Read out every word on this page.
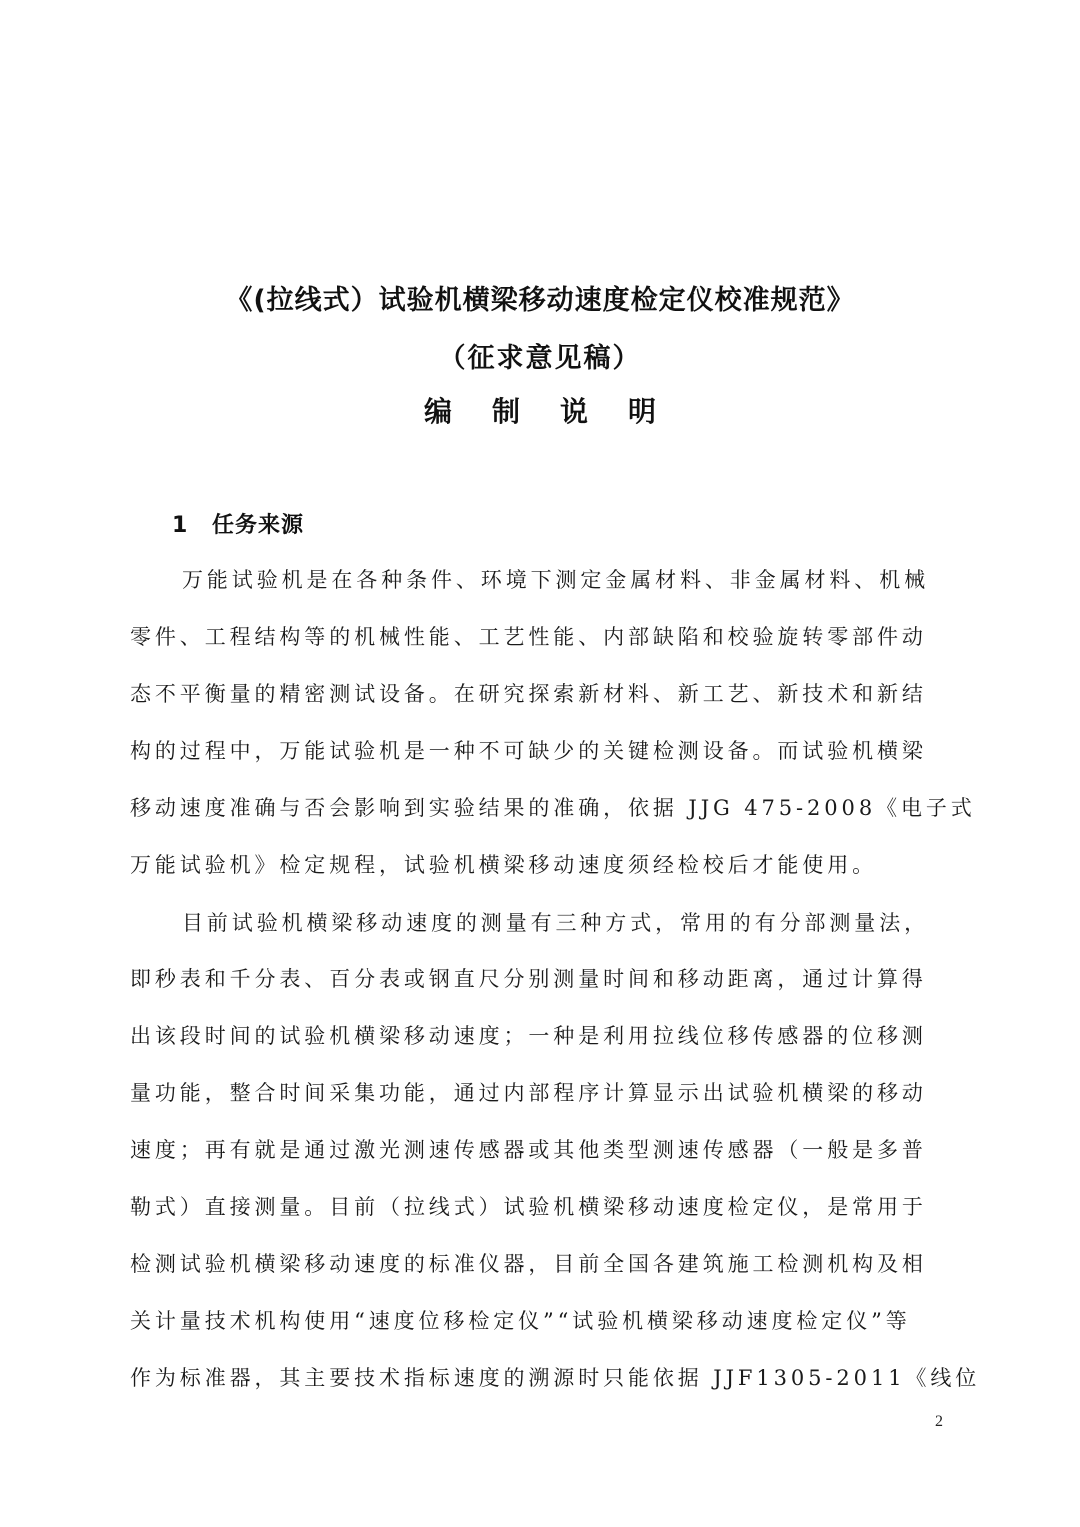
《(拉线式）试验机横梁移动速度检定仪校准规范》
（征求意见稿）
编制说明
1 任务来源
万能试验机是在各种条件、环境下测定金属材料、非金属材料、机械
零件、工程结构等的机械性能、工艺性能、内部缺陷和校验旋转零部件动
态不平衡量的精密测试设备。在研究探索新材料、新工艺、新技术和新结
构的过程中，万能试验机是一种不可缺少的关键检测设备。而试验机横梁
移动速度准确与否会影响到实验结果的准确，依据 JJG 475-2008《电子式
万能试验机》检定规程，试验机横梁移动速度须经检校后才能使用。
目前试验机横梁移动速度的测量有三种方式，常用的有分部测量法，
即秒表和千分表、百分表或钢直尺分别测量时间和移动距离，通过计算得
出该段时间的试验机横梁移动速度；一种是利用拉线位移传感器的位移测
量功能，整合时间采集功能，通过内部程序计算显示出试验机横梁的移动
速度；再有就是通过激光测速传感器或其他类型测速传感器（一般是多普
勒式）直接测量。目前（拉线式）试验机横梁移动速度检定仪，是常用于
检测试验机横梁移动速度的标准仪器，目前全国各建筑施工检测机构及相
关计量技术机构使用“速度位移检定仪”“试验机横梁移动速度检定仪”等
作为标准器，其主要技术指标速度的溯源时只能依据 JJF1305-2011《线位
2
